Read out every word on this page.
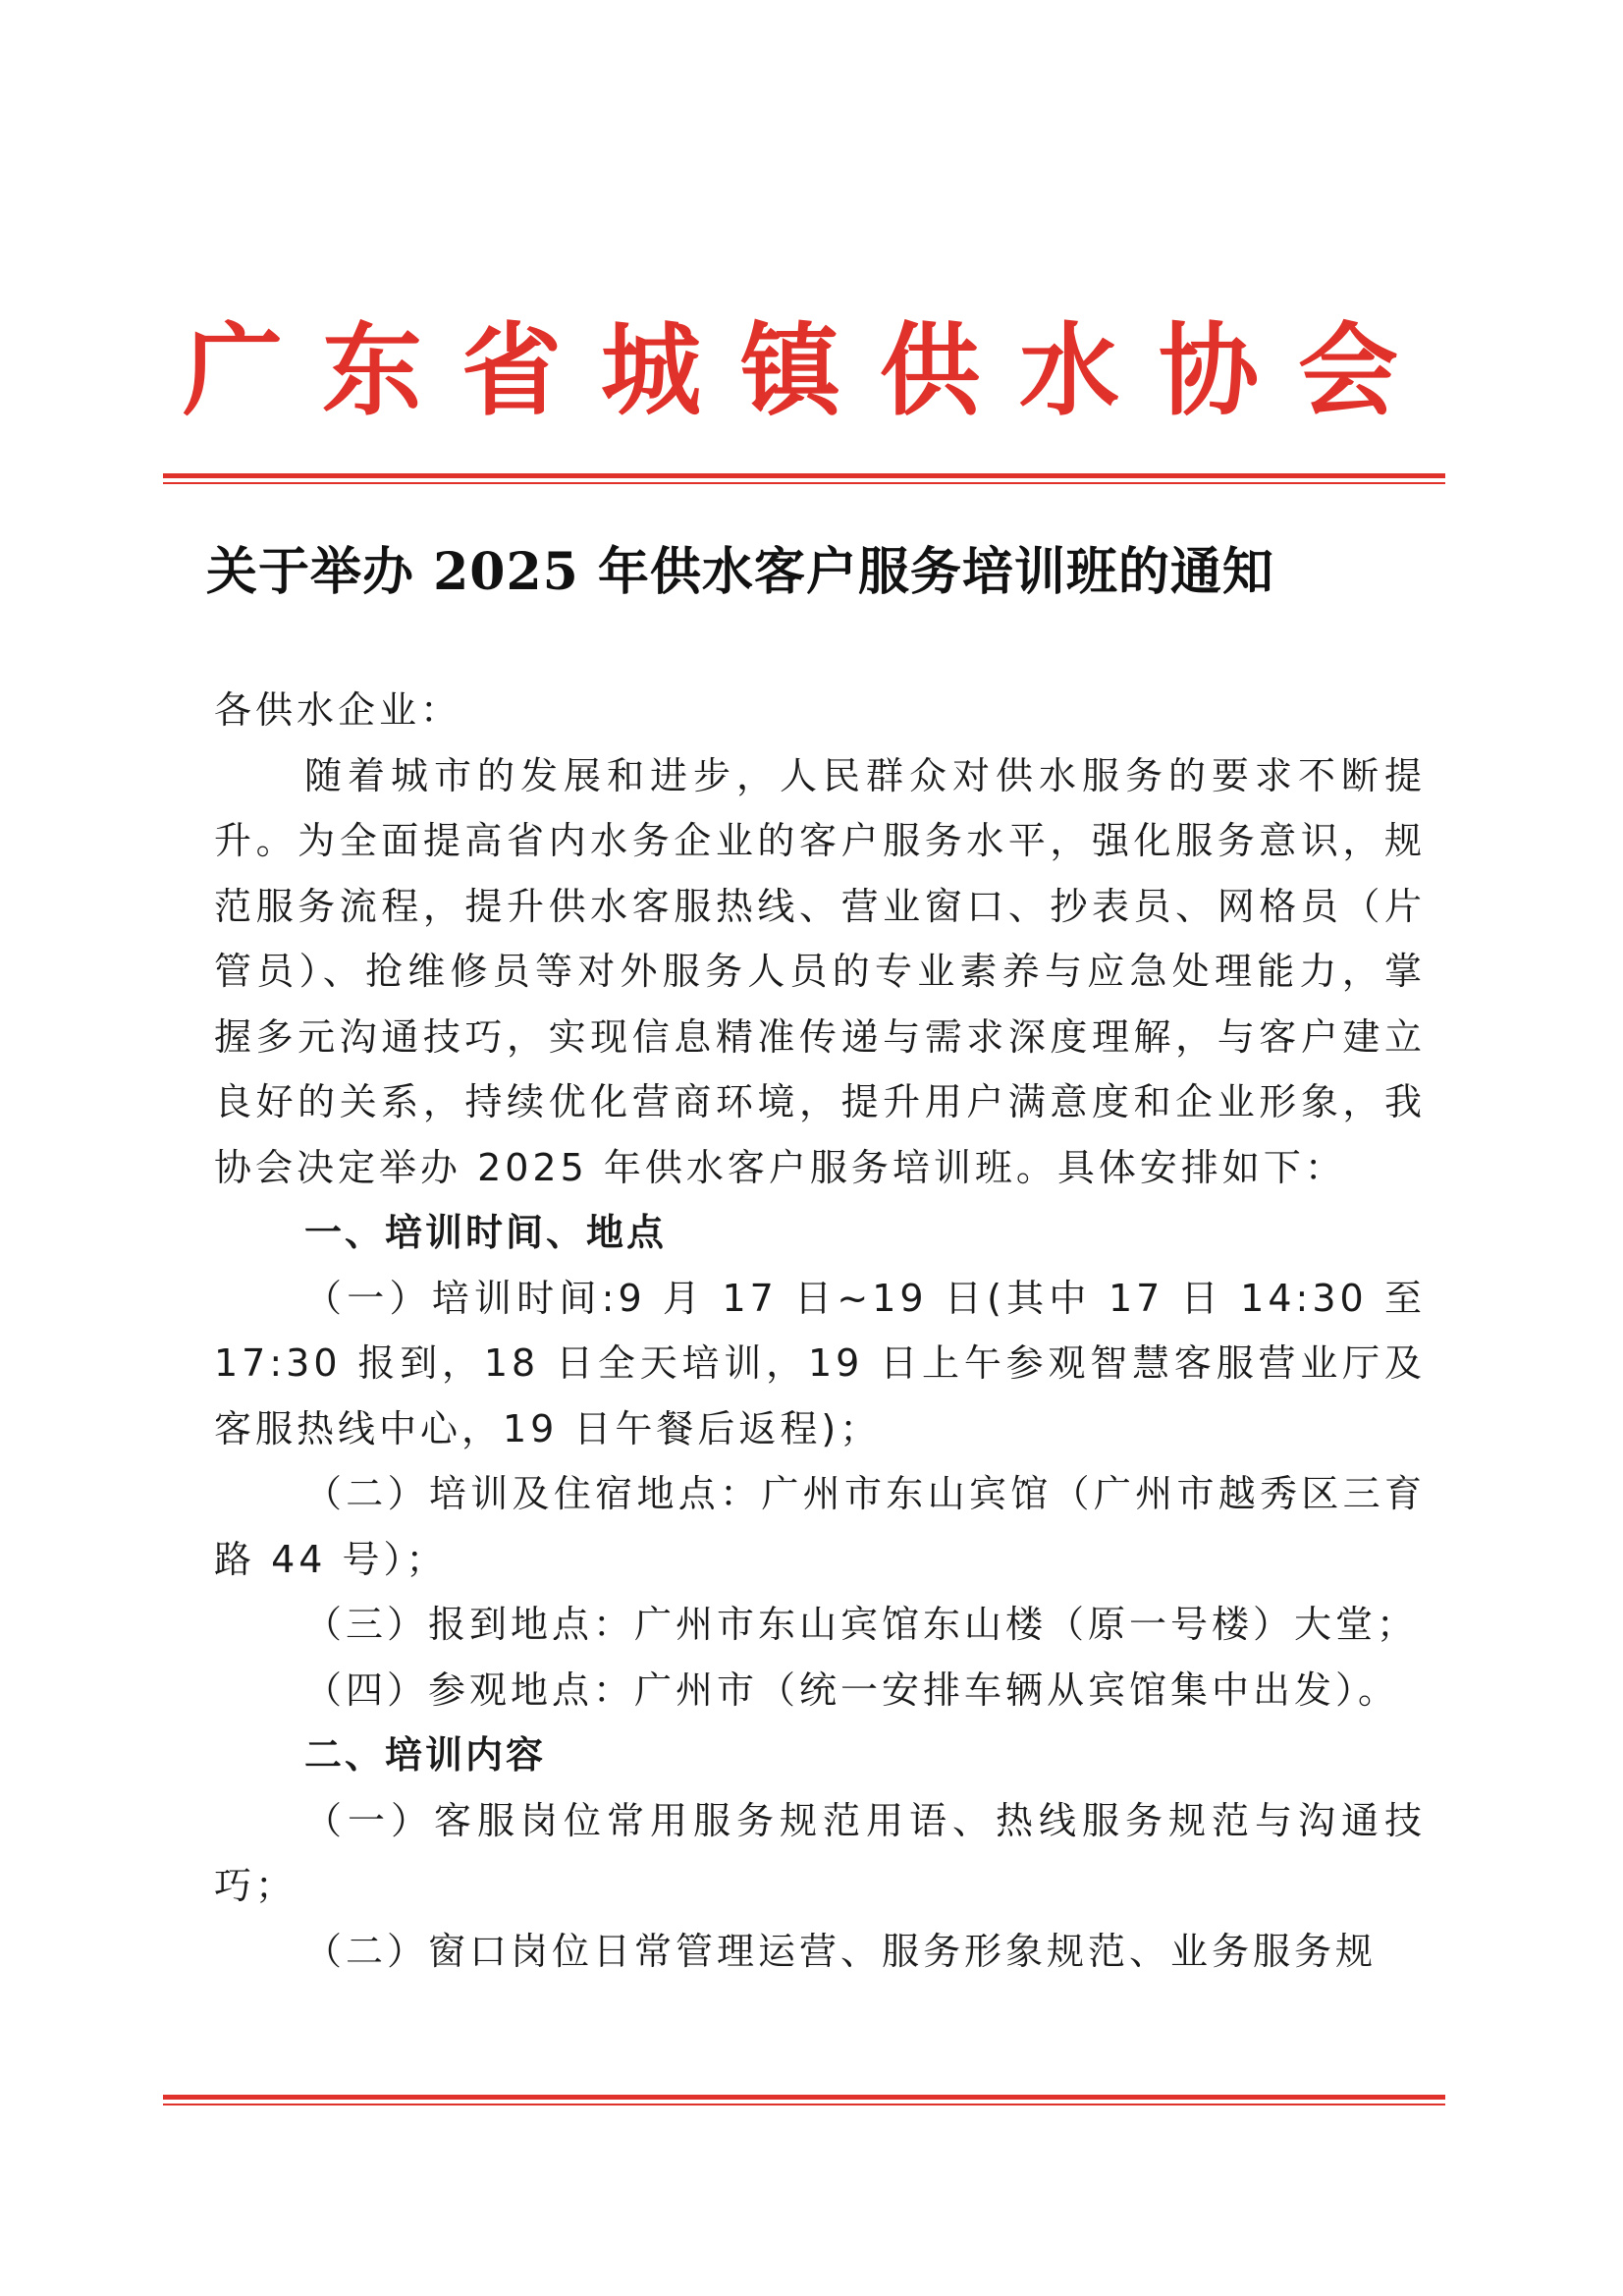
广东省城镇供水协会
关于举办 2025 年供水客户服务培训班的通知

各供水企业：

随着城市的发展和进步，人民群众对供水服务的要求不断提升。为全面提高省内水务企业的客户服务水平，强化服务意识，规范服务流程，提升供水客服热线、营业窗口、抄表员、网格员（片管员）、抢维修员等对外服务人员的专业素养与应急处理能力，掌握多元沟通技巧，实现信息精准传递与需求深度理解，与客户建立良好的关系，持续优化营商环境，提升用户满意度和企业形象，我协会决定举办 2025 年供水客户服务培训班。具体安排如下：

一、培训时间、地点

（一）培训时间:9 月 17 日~19 日(其中 17 日 14:30 至 17:30 报到，18 日全天培训，19 日上午参观智慧客服营业厅及客服热线中心，19 日午餐后返程)；

（二）培训及住宿地点：广州市东山宾馆（广州市越秀区三育路 44 号）；

（三）报到地点：广州市东山宾馆东山楼（原一号楼）大堂；

（四）参观地点：广州市（统一安排车辆从宾馆集中出发）。

二、培训内容

（一）客服岗位常用服务规范用语、热线服务规范与沟通技巧；

（二）窗口岗位日常管理运营、服务形象规范、业务服务规
